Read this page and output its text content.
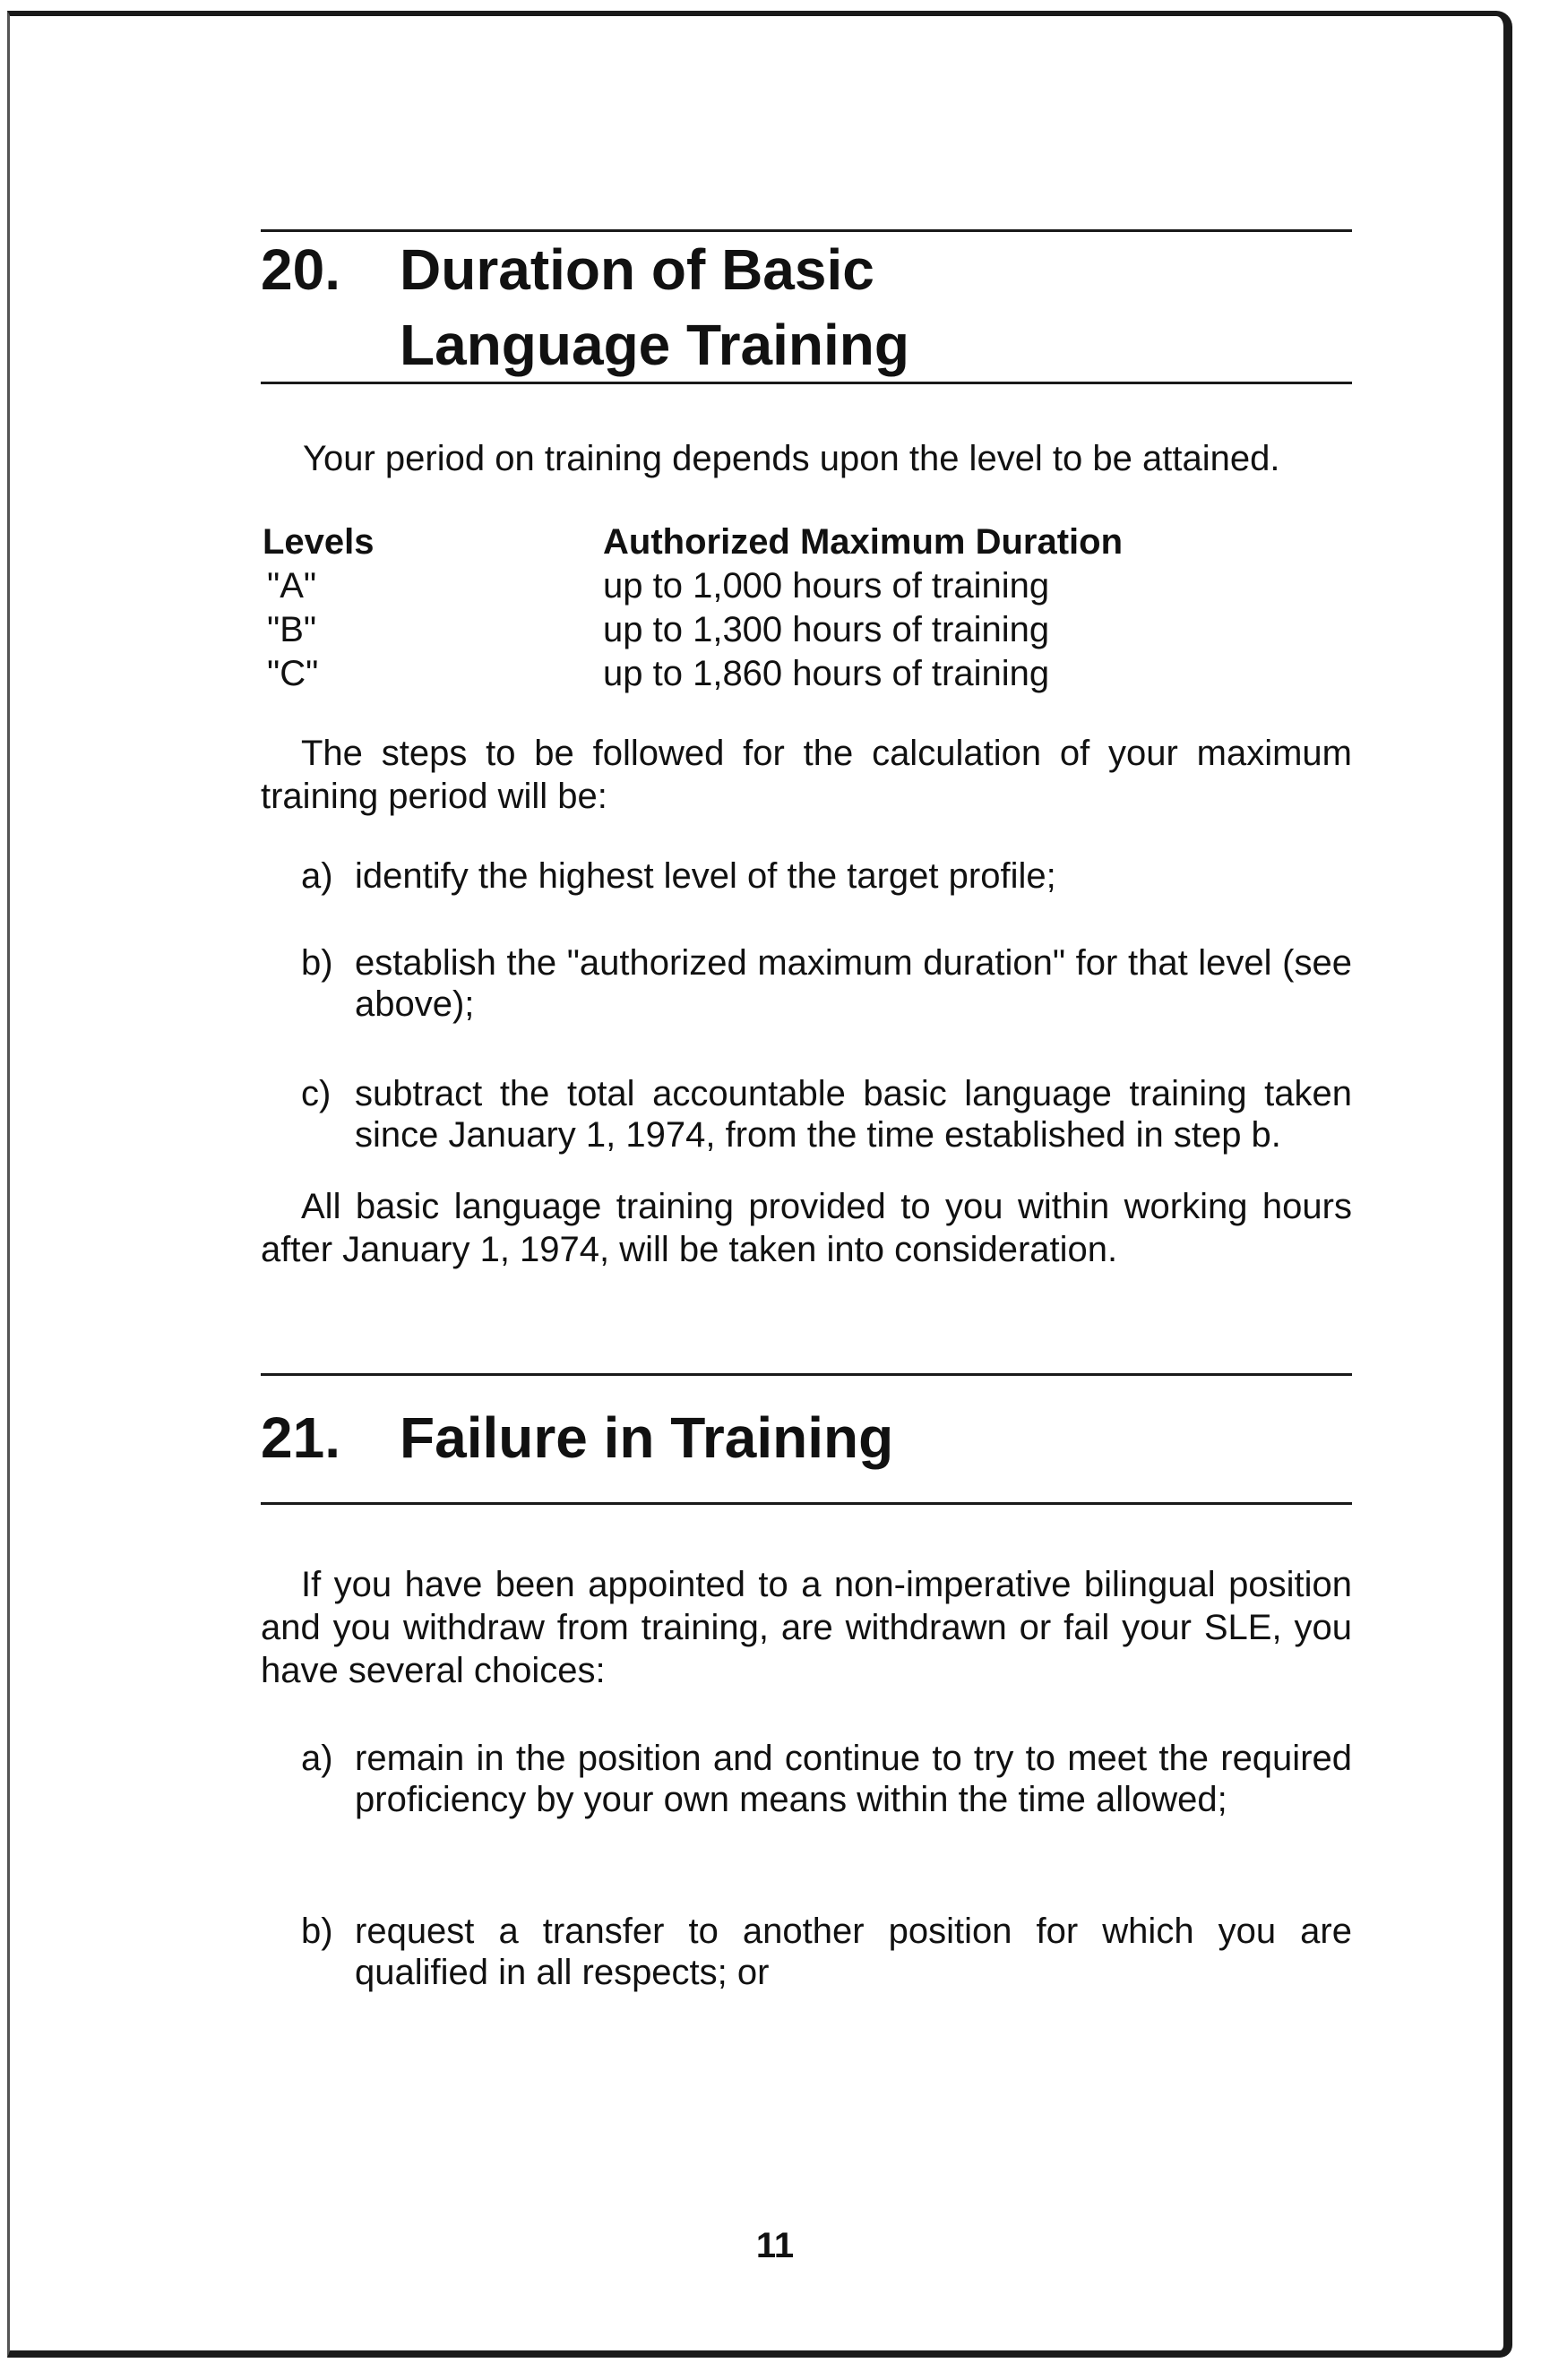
20. Duration of Basic
Language Training

Your period on training depends upon the level to be attained.

Levels	Authorized Maximum Duration
"A"	up to 1,000 hours of training
"B"	up to 1,300 hours of training
"C"	up to 1,860 hours of training

The steps to be followed for the calculation of your maximum training period will be:

a) identify the highest level of the target profile;
b) establish the "authorized maximum duration" for that level (see above);
c) subtract the total accountable basic language training taken since January 1, 1974, from the time established in step b.

All basic language training provided to you within working hours after January 1, 1974, will be taken into consideration.

21. Failure in Training

If you have been appointed to a non-imperative bilingual position and you withdraw from training, are withdrawn or fail your SLE, you have several choices:

a) remain in the position and continue to try to meet the required proficiency by your own means within the time allowed;
b) request a transfer to another position for which you are qualified in all respects; or
11
